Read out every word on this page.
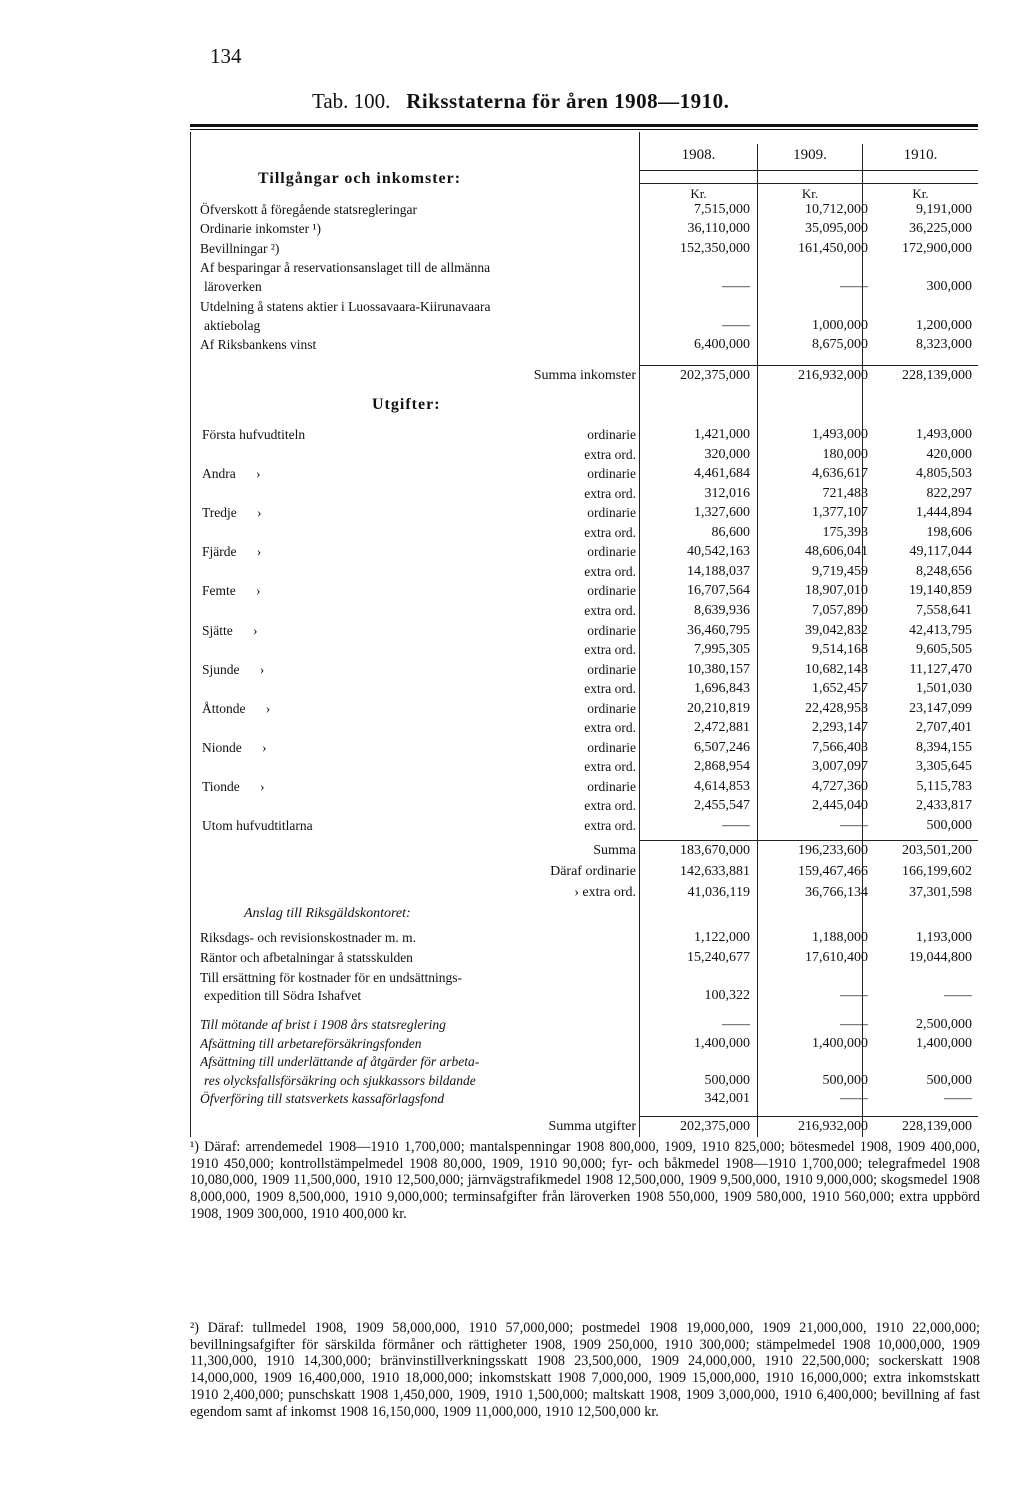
134
Tab. 100. Riksstaterna för åren 1908—1910.
1908.	1909.	1910.
Kr.	Kr.	Kr.
Tillgångar och inkomster:
Öfverskott å föregående statsregleringar	7,515,000	10,712,000	9,191,000
Ordinarie inkomster ¹)	36,110,000	35,095,000	36,225,000
Bevillningar ²)	152,350,000	161,450,000	172,900,000
Af besparingar å reservationsanslaget till de allmänna
läroverken	——	——	300,000
Utdelning å statens aktier i Luossavaara-Kiirunavaara
aktiebolag	——	1,000,000	1,200,000
Af Riksbankens vinst	6,400,000	8,675,000	8,323,000
Summa inkomster	202,375,000	216,932,000	228,139,000
Utgifter:
Första hufvudtiteln	ordinarie	1,421,000	1,493,000	1,493,000
extra ord.	320,000	180,000	420,000
Andra  ›	ordinarie	4,461,684	4,636,617	4,805,503
extra ord.	312,016	721,483	822,297
Tredje  ›	ordinarie	1,327,600	1,377,107	1,444,894
extra ord.	86,600	175,393	198,606
Fjärde  ›	ordinarie	40,542,163	48,606,041	49,117,044
extra ord.	14,188,037	9,719,459	8,248,656
Femte  ›	ordinarie	16,707,564	18,907,010	19,140,859
extra ord.	8,639,936	7,057,890	7,558,641
Sjätte  ›	ordinarie	36,460,795	39,042,832	42,413,795
extra ord.	7,995,305	9,514,168	9,605,505
Sjunde  ›	ordinarie	10,380,157	10,682,143	11,127,470
extra ord.	1,696,843	1,652,457	1,501,030
Åttonde  ›	ordinarie	20,210,819	22,428,953	23,147,099
extra ord.	2,472,881	2,293,147	2,707,401
Nionde  ›	ordinarie	6,507,246	7,566,403	8,394,155
extra ord.	2,868,954	3,007,097	3,305,645
Tionde  ›	ordinarie	4,614,853	4,727,360	5,115,783
extra ord.	2,455,547	2,445,040	2,433,817
Utom hufvudtitlarna	extra ord.	——	——	500,000
Summa	183,670,000	196,233,600	203,501,200
Däraf ordinarie	142,633,881	159,467,466	166,199,602
› extra ord.	41,036,119	36,766,134	37,301,598
Anslag till Riksgäldskontoret:
Riksdags- och revisionskostnader m. m.	1,122,000	1,188,000	1,193,000
Räntor och afbetalningar å statsskulden	15,240,677	17,610,400	19,044,800
Till ersättning för kostnader för en undsättnings-
expedition till Södra Ishafvet	100,322	——	——
Till mötande af brist i 1908 års statsreglering	——	——	2,500,000
Afsättning till arbetareförsäkringsfonden	1,400,000	1,400,000	1,400,000
Afsättning till underlättande af åtgärder för arbeta-
res olycksfallsförsäkring och sjukkassors bildande	500,000	500,000	500,000
Öfverföring till statsverkets kassaförlagsfond	342,001	——	——
Summa utgifter	202,375,000	216,932,000	228,139,000
¹) Däraf: arrendemedel 1908—1910 1,700,000; mantalspenningar 1908 800,000, 1909, 1910 825,000; bötesmedel 1908, 1909 400,000, 1910 450,000; kontrollstämpelmedel 1908 80,000, 1909, 1910 90,000; fyr- och båkmedel 1908—1910 1,700,000; telegrafmedel 1908 10,080,000, 1909 11,500,000, 1910 12,500,000; järnvägstrafikmedel 1908 12,500,000, 1909 9,500,000, 1910 9,000,000; skogsmedel 1908 8,000,000, 1909 8,500,000, 1910 9,000,000; terminsafgifter från läroverken 1908 550,000, 1909 580,000, 1910 560,000; extra uppbörd 1908, 1909 300,000, 1910 400,000 kr.
²) Däraf: tullmedel 1908, 1909 58,000,000, 1910 57,000,000; postmedel 1908 19,000,000, 1909 21,000,000, 1910 22,000,000; bevillningsafgifter för särskilda förmåner och rättigheter 1908, 1909 250,000, 1910 300,000; stämpelmedel 1908 10,000,000, 1909 11,300,000, 1910 14,300,000; bränvinstillverkningsskatt 1908 23,500,000, 1909 24,000,000, 1910 22,500,000; sockerskatt 1908 14,000,000, 1909 16,400,000, 1910 18,000,000; inkomstskatt 1908 7,000,000, 1909 15,000,000, 1910 16,000,000; extra inkomstskatt 1910 2,400,000; punschskatt 1908 1,450,000, 1909, 1910 1,500,000; maltskatt 1908, 1909 3,000,000, 1910 6,400,000; bevillning af fast egendom samt af inkomst 1908 16,150,000, 1909 11,000,000, 1910 12,500,000 kr.
